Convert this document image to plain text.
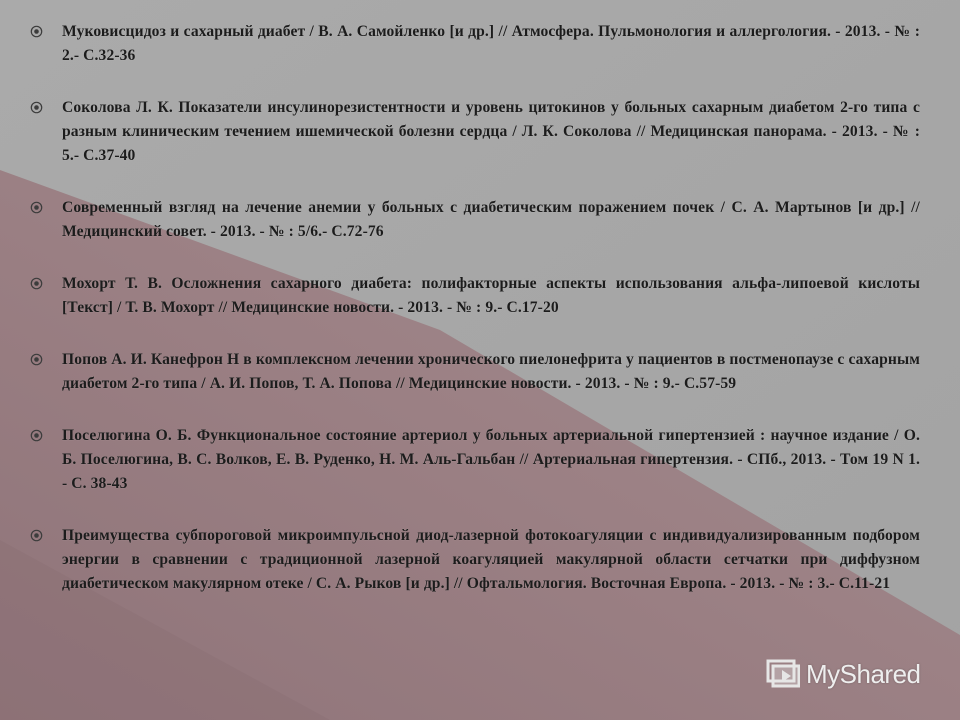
Муковисцидоз и сахарный диабет / В. А. Самойленко [и др.] // Атмосфера. Пульмонология и аллергология. - 2013. - № : 2.- С.32-36
Соколова Л. К. Показатели инсулинорезистентности и уровень цитокинов у больных сахарным диабетом 2-го типа с разным клиническим течением ишемической болезни сердца / Л. К. Соколова // Медицинская панорама. - 2013. - № : 5.- С.37-40
Современный взгляд на лечение анемии у больных с диабетическим поражением почек / С. А. Мартынов [и др.] // Медицинский совет. - 2013. - № : 5/6.- С.72-76
Мохорт Т. В. Осложнения сахарного диабета: полифакторные аспекты использования альфа-липоевой кислоты [Текст] / Т. В. Мохорт // Медицинские новости. - 2013. - № : 9.- С.17-20
Попов А. И. Канефрон Н в комплексном лечении хронического пиелонефрита у пациентов в постменопаузе с сахарным диабетом 2-го типа / А. И. Попов, Т. А. Попова // Медицинские новости. - 2013. - № : 9.- С.57-59
Поселюгина О. Б. Функциональное состояние артериол у больных артериальной гипертензией : научное издание / О. Б. Поселюгина, В. С. Волков, Е. В. Руденко, Н. М. Аль-Гальбан // Артериальная гипертензия. - СПб., 2013. - Том 19 N 1. - С. 38-43
Преимущества субпороговой микроимпульсной диод-лазерной фотокоагуляции с индивидуализированным подбором энергии в сравнении с традиционной лазерной коагуляцией макулярной области сетчатки при диффузном диабетическом макулярном отеке / С. А. Рыков [и др.] // Офтальмология. Восточная Европа. - 2013. - № : 3.- С.11-21
MyShared
